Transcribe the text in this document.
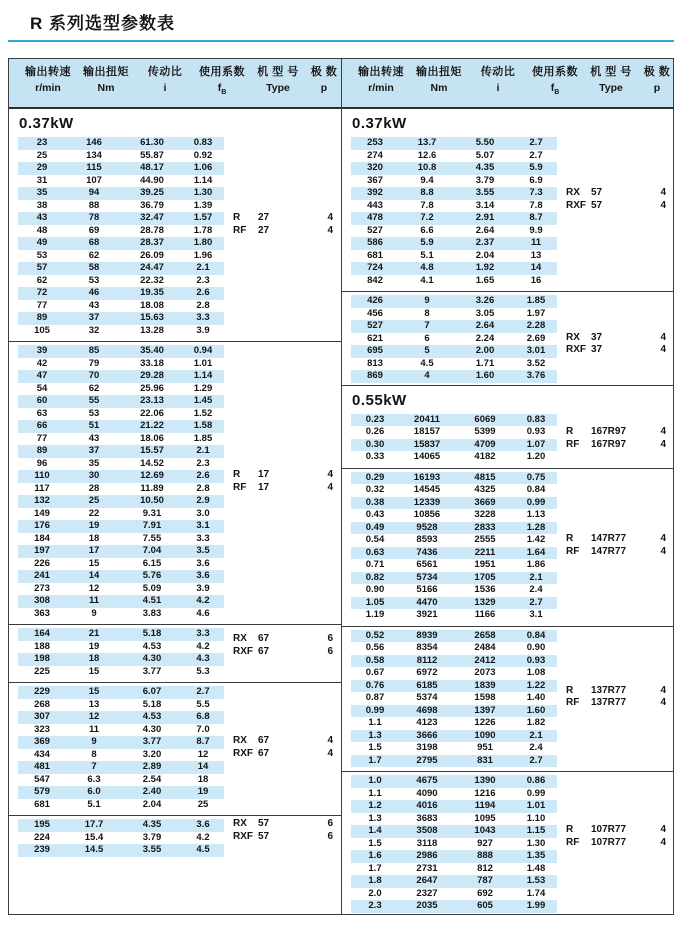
R 系列选型参数表
输出转速
r/min
输出扭矩
Nm
传动比
i
使用系数
$f_B$
机 型 号
Type
极 数
p
0.37kW
23	146	61.30	0.83
25	134	55.87	0.92
29	115	48.17	1.06
31	107	44.90	1.14
35	94	39.25	1.30
38	88	36.79	1.39
43	78	32.47	1.57
48	69	28.78	1.78
49	68	28.37	1.80
53	62	26.09	1.96
57	58	24.47	2.1
62	53	22.32	2.3
72	46	19.35	2.6
77	43	18.08	2.8
89	37	15.63	3.3
105	32	13.28	3.9
R	27	4
RF	27	4
39	85	35.40	0.94
42	79	33.18	1.01
47	70	29.28	1.14
54	62	25.96	1.29
60	55	23.13	1.45
63	53	22.06	1.52
66	51	21.22	1.58
77	43	18.06	1.85
89	37	15.57	2.1
96	35	14.52	2.3
110	30	12.69	2.6
117	28	11.89	2.8
132	25	10.50	2.9
149	22	9.31	3.0
176	19	7.91	3.1
184	18	7.55	3.3
197	17	7.04	3.5
226	15	6.15	3.6
241	14	5.76	3.6
273	12	5.09	3.9
308	11	4.51	4.2
363	9	3.83	4.6
R	17	4
RF	17	4
164	21	5.18	3.3
188	19	4.53	4.2
198	18	4.30	4.3
225	15	3.77	5.3
RX	67	6
RXF 67	6
229	15	6.07	2.7
268	13	5.18	5.5
307	12	4.53	6.8
323	11	4.30	7.0
369	9	3.77	8.7
434	8	3.20	12
481	7	2.89	14
547	6.3	2.54	18
579	6.0	2.40	19
681	5.1	2.04	25
RX	67	4
RXF 67	4
195	17.7	4.35	3.6
224	15.4	3.79	4.2
239	14.5	3.55	4.5
RX	57	6
RXF 57	6
输出转速
r/min
输出扭矩
Nm
传动比
i
使用系数
$f_B$
机 型 号
Type
极 数
p
0.37kW
253	13.7	5.50	2.7
274	12.6	5.07	2.7
320	10.8	4.35	5.9
367	9.4	3.79	6.9
392	8.8	3.55	7.3
443	7.8	3.14	7.8
478	7.2	2.91	8.7
527	6.6	2.64	9.9
586	5.9	2.37	11
681	5.1	2.04	13
724	4.8	1.92	14
842	4.1	1.65	16
RX	57	4
RXF 57	4
426	9	3.26	1.85
456	8	3.05	1.97
527	7	2.64	2.28
621	6	2.24	2.69
695	5	2.00	3.01
813	4.5	1.71	3.52
869	4	1.60	3.76
RX	37	4
RXF 37	4
0.55kW
0.23	20411	6069	0.83
0.26	18157	5399	0.93
0.30	15837	4709	1.07
0.33	14065	4182	1.20
R	167R97	4
RF	167R97	4
0.29	16193	4815	0.75
0.32	14545	4325	0.84
0.38	12339	3669	0.99
0.43	10856	3228	1.13
0.49	9528	2833	1.28
0.54	8593	2555	1.42
0.63	7436	2211	1.64
0.71	6561	1951	1.86
0.82	5734	1705	2.1
0.90	5166	1536	2.4
1.05	4470	1329	2.7
1.19	3921	1166	3.1
R	147R77	4
RF	147R77	4
0.52	8939	2658	0.84
0.56	8354	2484	0.90
0.58	8112	2412	0.93
0.67	6972	2073	1.08
0.76	6185	1839	1.22
0.87	5374	1598	1.40
0.99	4698	1397	1.60
1.1	4123	1226	1.82
1.3	3666	1090	2.1
1.5	3198	951	2.4
1.7	2795	831	2.7
R	137R77	4
RF	137R77	4
1.0	4675	1390	0.86
1.1	4090	1216	0.99
1.2	4016	1194	1.01
1.3	3683	1095	1.10
1.4	3508	1043	1.15
1.5	3118	927	1.30
1.6	2986	888	1.35
1.7	2731	812	1.48
1.8	2647	787	1.53
2.0	2327	692	1.74
2.3	2035	605	1.99
R	107R77	4
RF	107R77	4
